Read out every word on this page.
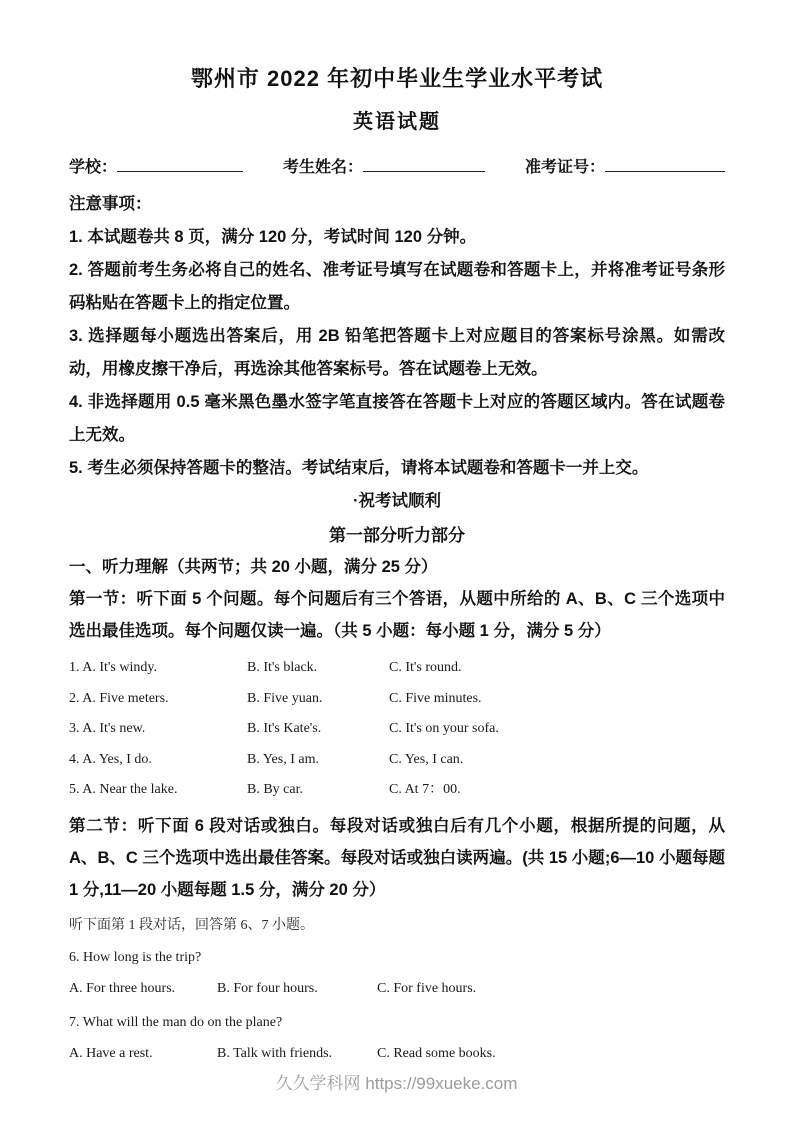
鄂州市 2022 年初中毕业生学业水平考试
英语试题
学校：	考生姓名：	准考证号：

注意事项：

1. 本试题卷共 8 页，满分 120 分，考试时间 120 分钟。

2. 答题前考生务必将自己的姓名、准考证号填写在试题卷和答题卡上，并将准考证号条形码粘贴在答题卡上的指定位置。

3. 选择题每小题选出答案后，用 2B 铅笔把答题卡上对应题目的答案标号涂黑。如需改动，用橡皮擦干净后，再选涂其他答案标号。答在试题卷上无效。

4. 非选择题用 0.5 毫米黑色墨水签字笔直接答在答题卡上对应的答题区域内。答在试题卷上无效。

5. 考生必须保持答题卡的整洁。考试结束后，请将本试题卷和答题卡一并上交。

·祝考试顺利

第一部分听力部分

一、听力理解（共两节；共 20 小题，满分 25 分）

第一节：听下面 5 个问题。每个问题后有三个答语，从题中所给的 A、B、C 三个选项中选出最佳选项。每个问题仅读一遍。（共 5 小题：每小题 1 分，满分 5 分）

1. A. It's windy.	B. It's black.	C. It's round.
2. A. Five meters.	B. Five yuan.	C. Five minutes.
3. A. It's new.	B. It's Kate's.	C. It's on your sofa.
4. A. Yes, I do.	B. Yes, I am.	C. Yes, I can.
5. A. Near the lake.	B. By car.	C. At 7：00.

第二节：听下面 6 段对话或独白。每段对话或独白后有几个小题，根据所提的问题，从 A、B、C 三个选项中选出最佳答案。每段对话或独白读两遍。(共 15 小题;6—10 小题每题 1 分,11—20 小题每题 1.5 分，满分 20 分）

听下面第 1 段对话，回答第 6、7 小题。

6. How long is the trip?

A. For three hours.	B. For four hours.	C. For five hours.

7. What will the man do on the plane?

A. Have a rest.	B. Talk with friends.	C. Read some books.
久久学科网 https://99xueke.com
